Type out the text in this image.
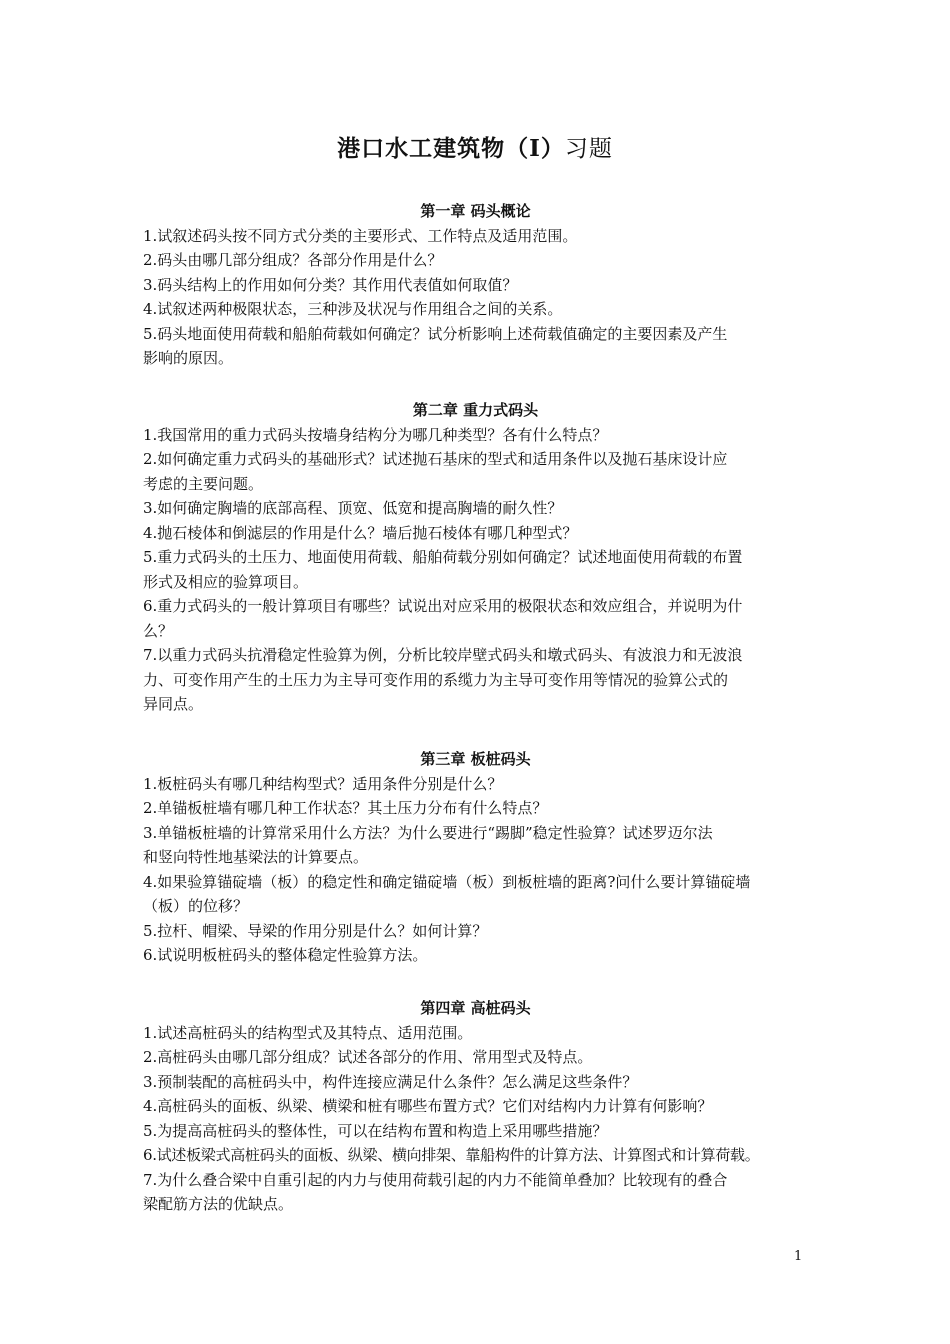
港口水工建筑物（I）习题
第一章 码头概论

1.试叙述码头按不同方式分类的主要形式、工作特点及适用范围。

2.码头由哪几部分组成？各部分作用是什么？

3.码头结构上的作用如何分类？其作用代表值如何取值？

4.试叙述两种极限状态，三种涉及状况与作用组合之间的关系。

5.码头地面使用荷载和船舶荷载如何确定？试分析影响上述荷载值确定的主要因素及产生
影响的原因。

第二章 重力式码头

1.我国常用的重力式码头按墙身结构分为哪几种类型？各有什么特点？

2.如何确定重力式码头的基础形式？试述抛石基床的型式和适用条件以及抛石基床设计应
考虑的主要问题。

3.如何确定胸墙的底部高程、顶宽、低宽和提高胸墙的耐久性？

4.抛石棱体和倒滤层的作用是什么？墙后抛石棱体有哪几种型式？

5.重力式码头的土压力、地面使用荷载、船舶荷载分别如何确定？试述地面使用荷载的布置
形式及相应的验算项目。

6.重力式码头的一般计算项目有哪些？试说出对应采用的极限状态和效应组合，并说明为什
么？

7.以重力式码头抗滑稳定性验算为例，分析比较岸壁式码头和墩式码头、有波浪力和无波浪
力、可变作用产生的土压力为主导可变作用的系缆力为主导可变作用等情况的验算公式的
异同点。

第三章 板桩码头

1.板桩码头有哪几种结构型式？适用条件分别是什么？

2.单锚板桩墙有哪几种工作状态？其土压力分布有什么特点？

3.单锚板桩墙的计算常采用什么方法？为什么要进行“踢脚”稳定性验算？试述罗迈尔法
和竖向特性地基梁法的计算要点。

4.如果验算锚碇墙（板）的稳定性和确定锚碇墙（板）到板桩墙的距离?问什么要计算锚碇墙
（板）的位移？

5.拉杆、帽梁、导梁的作用分别是什么？如何计算？

6.试说明板桩码头的整体稳定性验算方法。

第四章 高桩码头

1.试述高桩码头的结构型式及其特点、适用范围。

2.高桩码头由哪几部分组成？试述各部分的作用、常用型式及特点。

3.预制装配的高桩码头中，构件连接应满足什么条件？怎么满足这些条件？

4.高桩码头的面板、纵梁、横梁和桩有哪些布置方式？它们对结构内力计算有何影响？

5.为提高高桩码头的整体性，可以在结构布置和构造上采用哪些措施？

6.试述板梁式高桩码头的面板、纵梁、横向排架、靠船构件的计算方法、计算图式和计算荷载。

7.为什么叠合梁中自重引起的内力与使用荷载引起的内力不能简单叠加？比较现有的叠合
梁配筋方法的优缺点。

1
